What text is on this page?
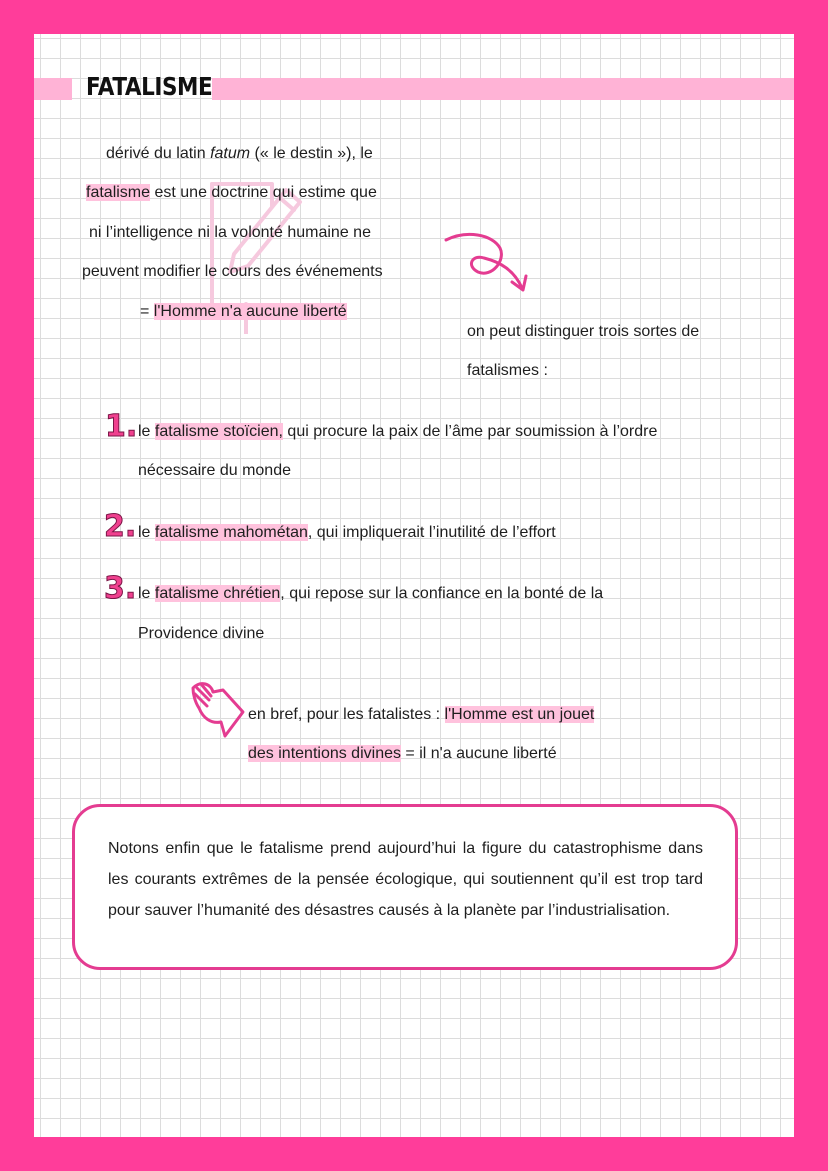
FATALISME
dérivé du latin fatum (« le destin »), le
fatalisme est une doctrine qui estime que
ni l’intelligence ni la volonté humaine ne
peuvent modifier le cours des événements
= l'Homme n'a aucune liberté
on peut distinguer trois sortes de
fatalismes :
1. le fatalisme stoïcien, qui procure la paix de l’âme par soumission à l’ordre
nécessaire du monde
2. le fatalisme mahométan, qui impliquerait l’inutilité de l’effort
3. le fatalisme chrétien, qui repose sur la confiance en la bonté de la
Providence divine
en bref, pour les fatalistes : l'Homme est un jouet
des intentions divines = il n'a aucune liberté
Notons enfin que le fatalisme prend aujourd’hui la figure du catastrophisme dans les courants extrêmes de la pensée écologique, qui soutiennent qu’il est trop tard pour sauver l’humanité des désastres causés à la planète par l’industrialisation.
